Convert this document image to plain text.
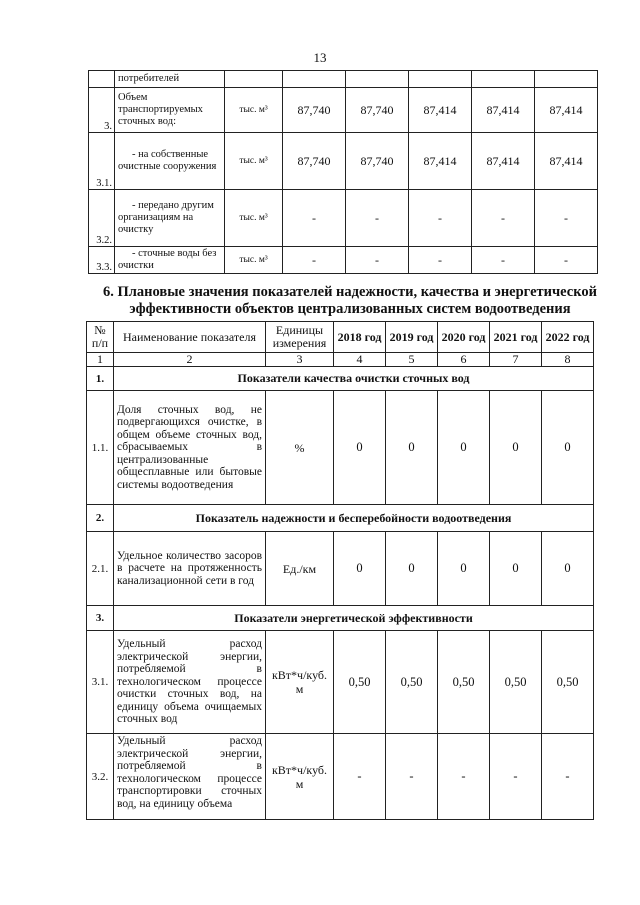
13
	потребителей						
3.	Объем транспортируемых сточных вод:	тыс. м³	87,740	87,740	87,414	87,414	87,414
3.1.	- на собственные очистные сооружения	тыс. м³	87,740	87,740	87,414	87,414	87,414
3.2.	- передано другим организациям на очистку	тыс. м³	-	-	-	-	-
3.3.	- сточные воды без очистки	тыс. м³	-	-	-	-	-
6. Плановые значения показателей надежности, качества и энергетической
эффективности объектов централизованных систем водоотведения
№ п/п	Наименование показателя	Единицы измерения	2018 год	2019 год	2020 год	2021 год	2022 год
1	2	3	4	5	6	7	8
1.	Показатели качества очистки сточных вод						
1.1.	Доля сточных вод, не подвергающихся очистке, в общем объеме сточных вод, сбрасываемых в централизованные общесплавные или бытовые системы водоотведения	%	0	0	0	0	0
2.	Показатель надежности и бесперебойности водоотведения						
2.1.	Удельное количество засоров в расчете на протяженность канализационной сети в год	Ед./км	0	0	0	0	0
3.	Показатели энергетической эффективности						
3.1.	Удельный расход электрической энергии, потребляемой в технологическом процессе очистки сточных вод, на единицу объема очищаемых сточных вод	кВт*ч/куб. м	0,50	0,50	0,50	0,50	0,50
3.2.	Удельный расход электрической энергии, потребляемой в технологическом процессе транспортировки сточных вод, на единицу объема	кВт*ч/куб. м	-	-	-	-	-
